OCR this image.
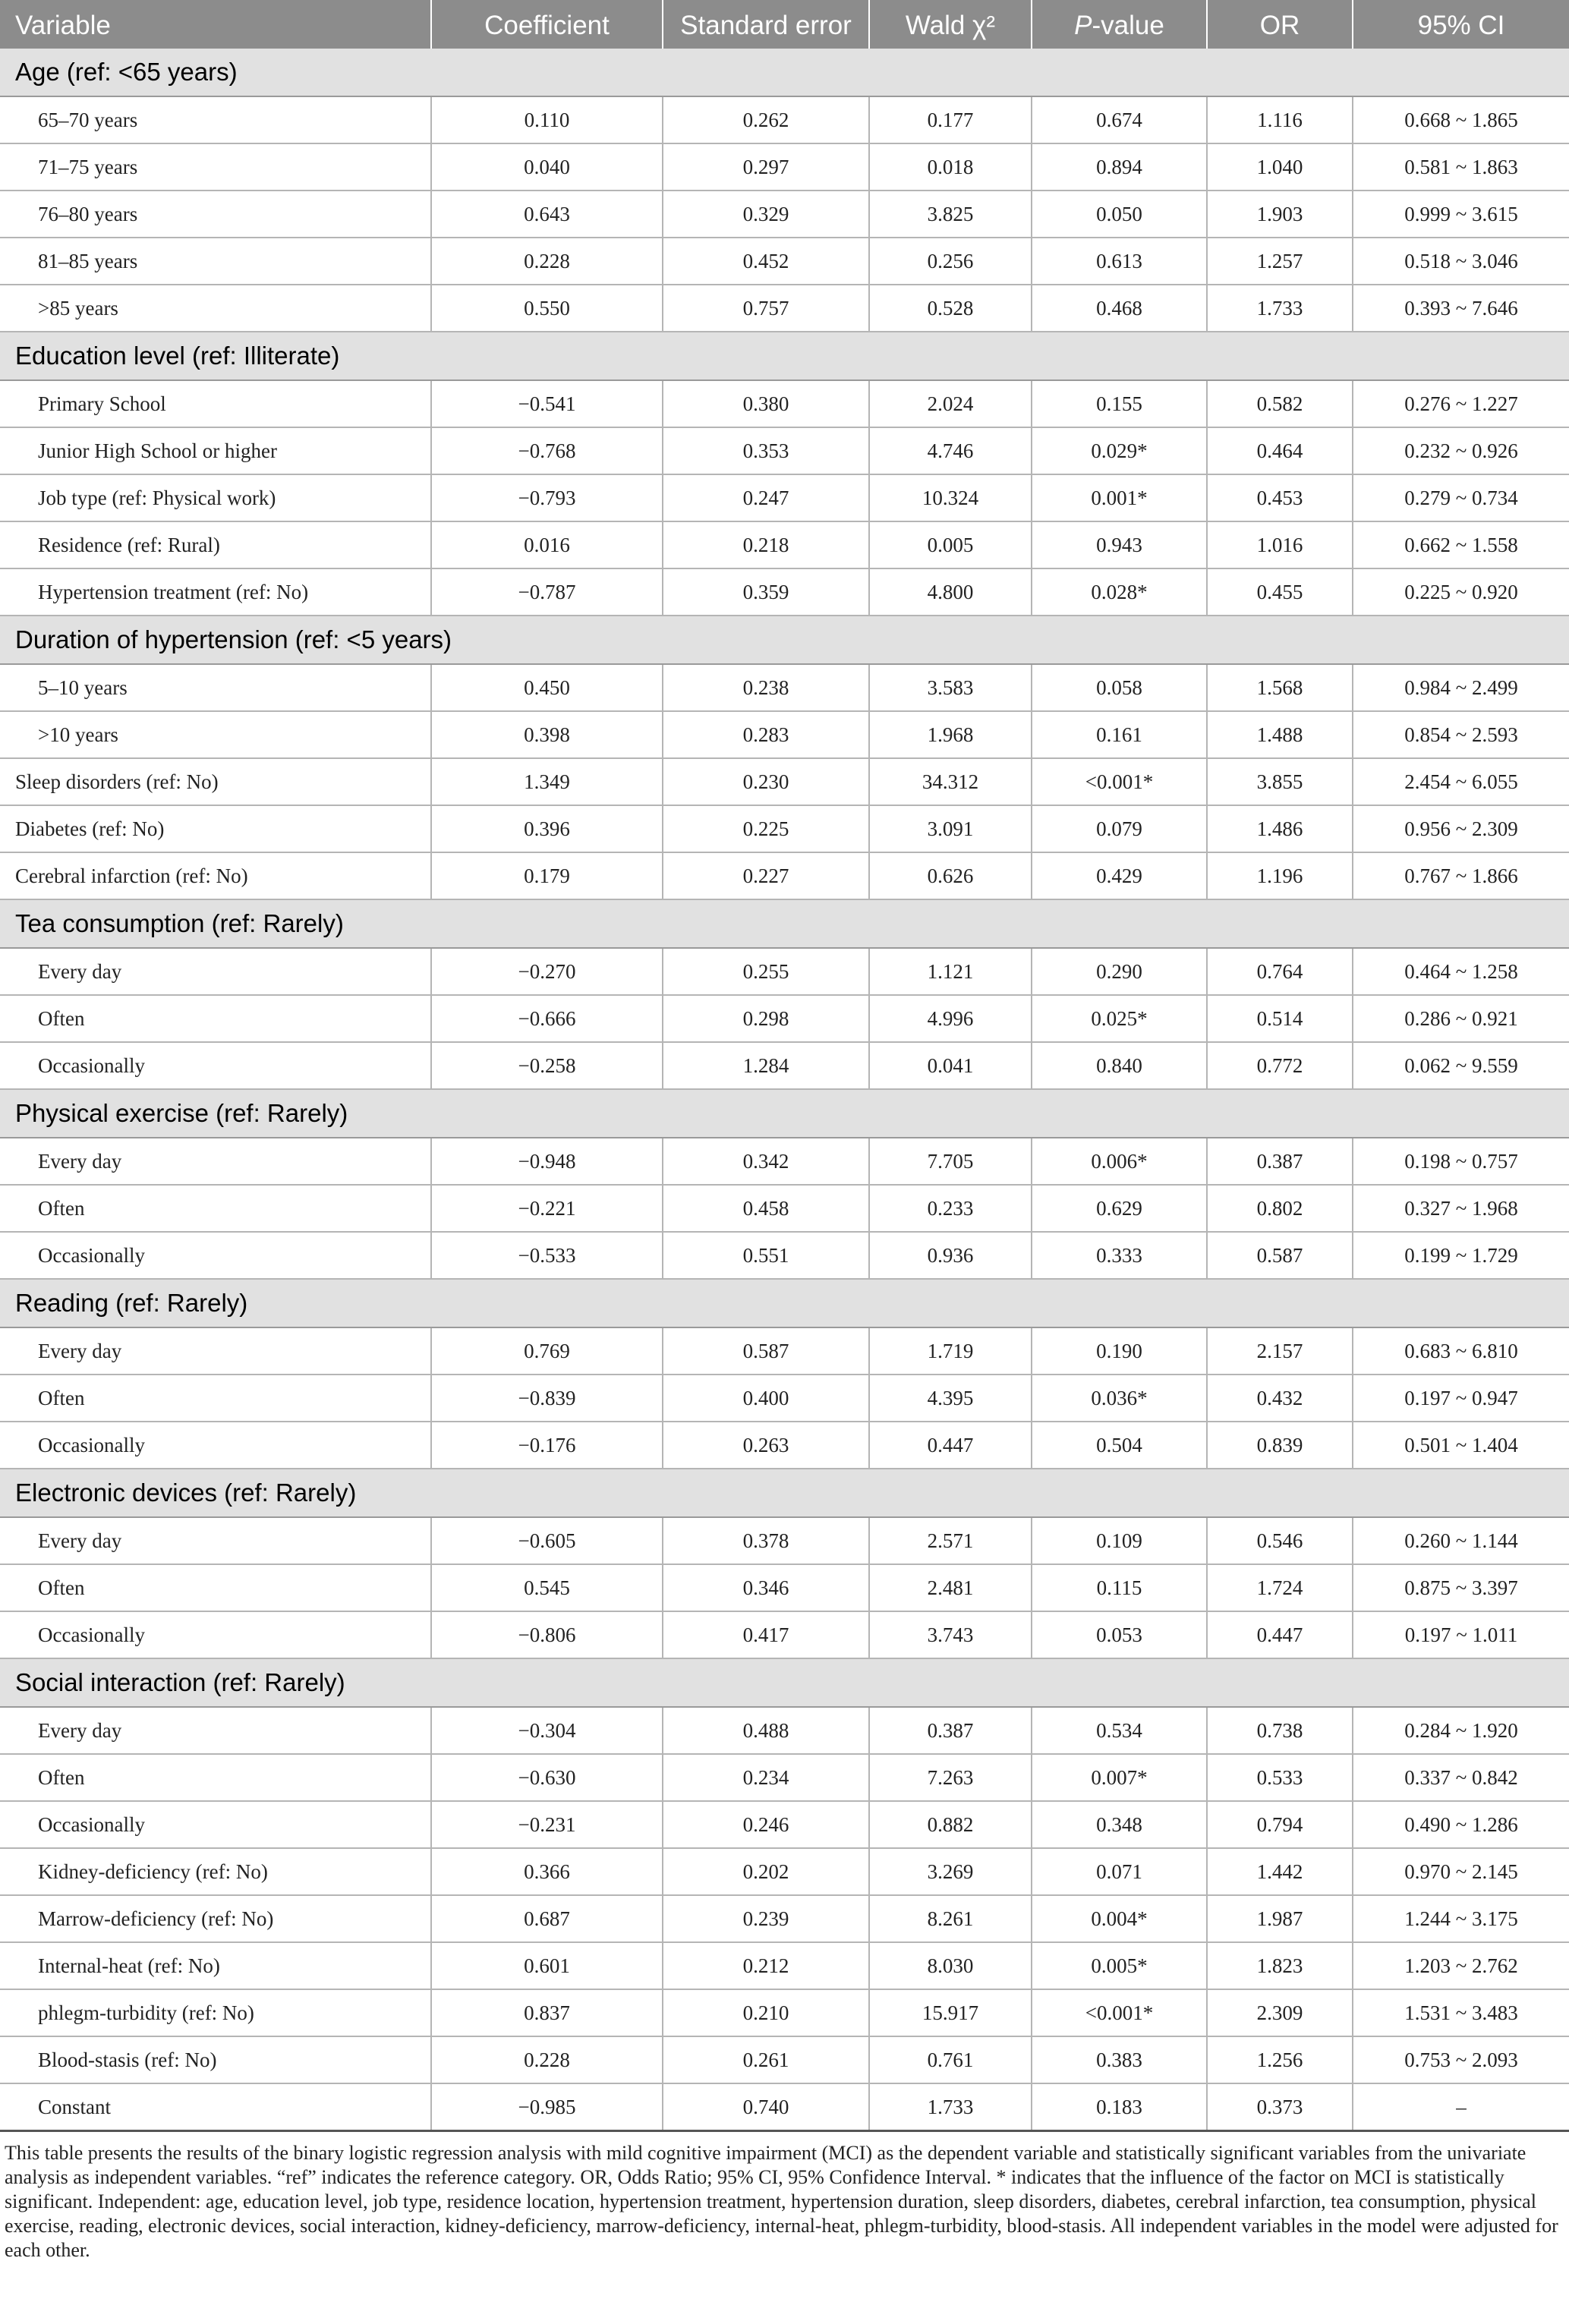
Variable	Coefficient	Standard error	Wald χ²	P-value	OR	95% CI
Age (ref: <65 years)						
65–70 years	0.110	0.262	0.177	0.674	1.116	0.668 ~ 1.865
71–75 years	0.040	0.297	0.018	0.894	1.040	0.581 ~ 1.863
76–80 years	0.643	0.329	3.825	0.050	1.903	0.999 ~ 3.615
81–85 years	0.228	0.452	0.256	0.613	1.257	0.518 ~ 3.046
>85 years	0.550	0.757	0.528	0.468	1.733	0.393 ~ 7.646
Education level (ref: Illiterate)						
Primary School	−0.541	0.380	2.024	0.155	0.582	0.276 ~ 1.227
Junior High School or higher	−0.768	0.353	4.746	0.029*	0.464	0.232 ~ 0.926
Job type (ref: Physical work)	−0.793	0.247	10.324	0.001*	0.453	0.279 ~ 0.734
Residence (ref: Rural)	0.016	0.218	0.005	0.943	1.016	0.662 ~ 1.558
Hypertension treatment (ref: No)	−0.787	0.359	4.800	0.028*	0.455	0.225 ~ 0.920
Duration of hypertension (ref: <5 years)						
5–10 years	0.450	0.238	3.583	0.058	1.568	0.984 ~ 2.499
>10 years	0.398	0.283	1.968	0.161	1.488	0.854 ~ 2.593
Sleep disorders (ref: No)	1.349	0.230	34.312	<0.001*	3.855	2.454 ~ 6.055
Diabetes (ref: No)	0.396	0.225	3.091	0.079	1.486	0.956 ~ 2.309
Cerebral infarction (ref: No)	0.179	0.227	0.626	0.429	1.196	0.767 ~ 1.866
Tea consumption (ref: Rarely)						
Every day	−0.270	0.255	1.121	0.290	0.764	0.464 ~ 1.258
Often	−0.666	0.298	4.996	0.025*	0.514	0.286 ~ 0.921
Occasionally	−0.258	1.284	0.041	0.840	0.772	0.062 ~ 9.559
Physical exercise (ref: Rarely)						
Every day	−0.948	0.342	7.705	0.006*	0.387	0.198 ~ 0.757
Often	−0.221	0.458	0.233	0.629	0.802	0.327 ~ 1.968
Occasionally	−0.533	0.551	0.936	0.333	0.587	0.199 ~ 1.729
Reading (ref: Rarely)						
Every day	0.769	0.587	1.719	0.190	2.157	0.683 ~ 6.810
Often	−0.839	0.400	4.395	0.036*	0.432	0.197 ~ 0.947
Occasionally	−0.176	0.263	0.447	0.504	0.839	0.501 ~ 1.404
Electronic devices (ref: Rarely)						
Every day	−0.605	0.378	2.571	0.109	0.546	0.260 ~ 1.144
Often	0.545	0.346	2.481	0.115	1.724	0.875 ~ 3.397
Occasionally	−0.806	0.417	3.743	0.053	0.447	0.197 ~ 1.011
Social interaction (ref: Rarely)						
Every day	−0.304	0.488	0.387	0.534	0.738	0.284 ~ 1.920
Often	−0.630	0.234	7.263	0.007*	0.533	0.337 ~ 0.842
Occasionally	−0.231	0.246	0.882	0.348	0.794	0.490 ~ 1.286
Kidney-deficiency (ref: No)	0.366	0.202	3.269	0.071	1.442	0.970 ~ 2.145
Marrow-deficiency (ref: No)	0.687	0.239	8.261	0.004*	1.987	1.244 ~ 3.175
Internal-heat (ref: No)	0.601	0.212	8.030	0.005*	1.823	1.203 ~ 2.762
phlegm-turbidity (ref: No)	0.837	0.210	15.917	<0.001*	2.309	1.531 ~ 3.483
Blood-stasis (ref: No)	0.228	0.261	0.761	0.383	1.256	0.753 ~ 2.093
Constant	−0.985	0.740	1.733	0.183	0.373	–

This table presents the results of the binary logistic regression analysis with mild cognitive impairment (MCI) as the dependent variable and statistically significant variables from the univariate analysis as independent variables. “ref” indicates the reference category. OR, Odds Ratio; 95% CI, 95% Confidence Interval. * indicates that the influence of the factor on MCI is statistically significant. Independent: age, education level, job type, residence location, hypertension treatment, hypertension duration, sleep disorders, diabetes, cerebral infarction, tea consumption, physical exercise, reading, electronic devices, social interaction, kidney-deficiency, marrow-deficiency, internal-heat, phlegm-turbidity, blood-stasis. All independent variables in the model were adjusted for each other.
